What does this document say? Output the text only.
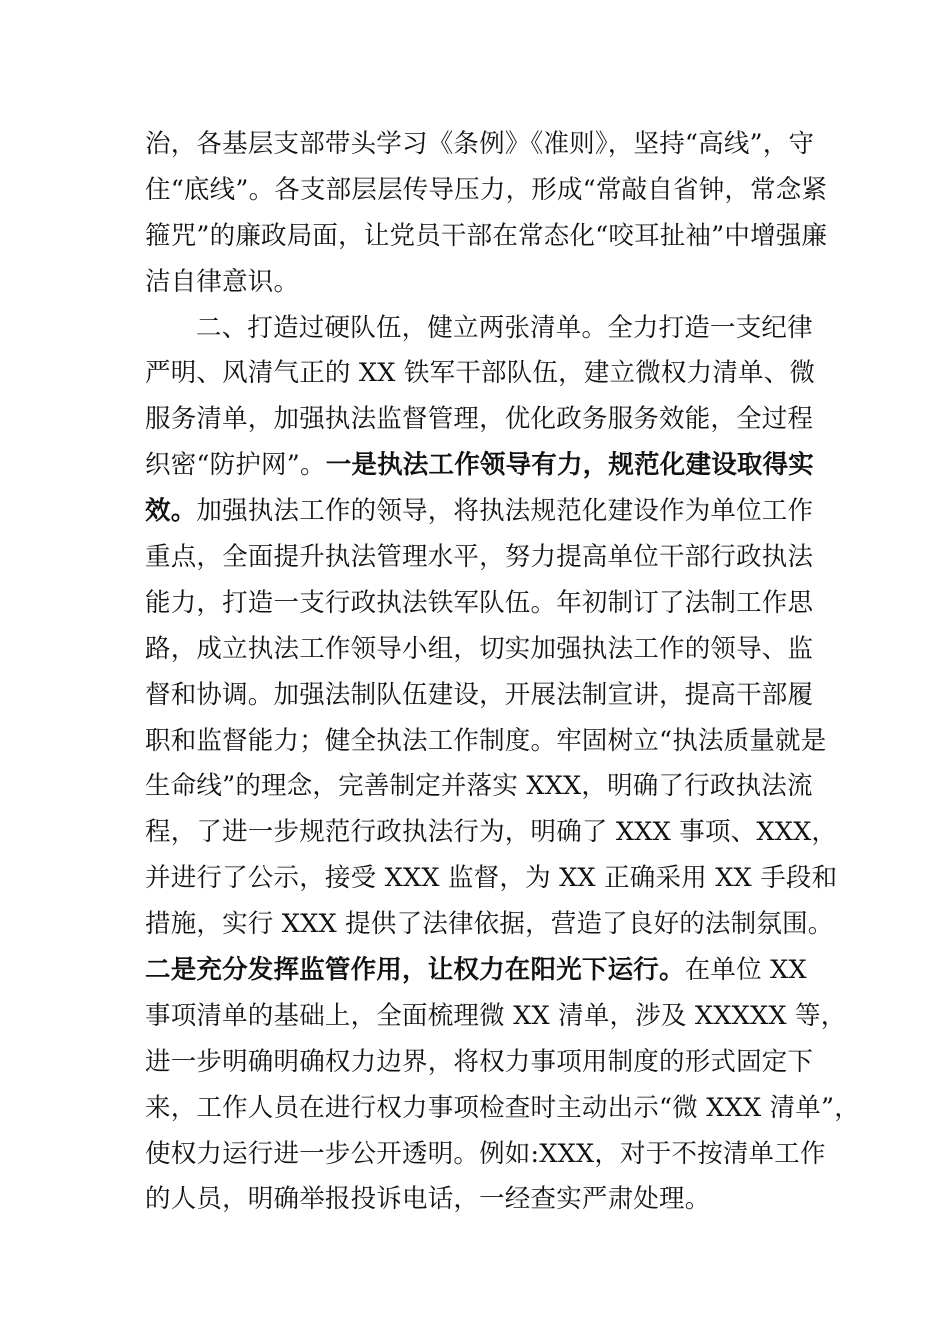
治，各基层支部带头学习《条例》《准则》，坚持“高线”，守
住“底线”。各支部层层传导压力，形成“常敲自省钟，常念紧
箍咒”的廉政局面，让党员干部在常态化“咬耳扯袖”中增强廉
洁自律意识。
二、打造过硬队伍，健立两张清单。全力打造一支纪律
严明、风清气正的 XX 铁军干部队伍，建立微权力清单、微
服务清单，加强执法监督管理，优化政务服务效能，全过程
织密“防护网”。一是执法工作领导有力，规范化建设取得实
效。加强执法工作的领导，将执法规范化建设作为单位工作
重点，全面提升执法管理水平，努力提高单位干部行政执法
能力，打造一支行政执法铁军队伍。年初制订了法制工作思
路，成立执法工作领导小组，切实加强执法工作的领导、监
督和协调。加强法制队伍建设，开展法制宣讲，提高干部履
职和监督能力；健全执法工作制度。牢固树立“执法质量就是
生命线”的理念，完善制定并落实 XXX，明确了行政执法流
程，了进一步规范行政执法行为，明确了 XXX 事项、XXX，
并进行了公示，接受 XXX 监督，为 XX 正确采用 XX 手段和
措施，实行 XXX 提供了法律依据，营造了良好的法制氛围。
二是充分发挥监管作用，让权力在阳光下运行。在单位 XX
事项清单的基础上，全面梳理微 XX 清单，涉及 XXXXX 等，
进一步明确明确权力边界，将权力事项用制度的形式固定下
来，工作人员在进行权力事项检查时主动出示“微 XXX 清单”，
使权力运行进一步公开透明。例如:XXX，对于不按清单工作
的人员，明确举报投诉电话，一经查实严肃处理。
